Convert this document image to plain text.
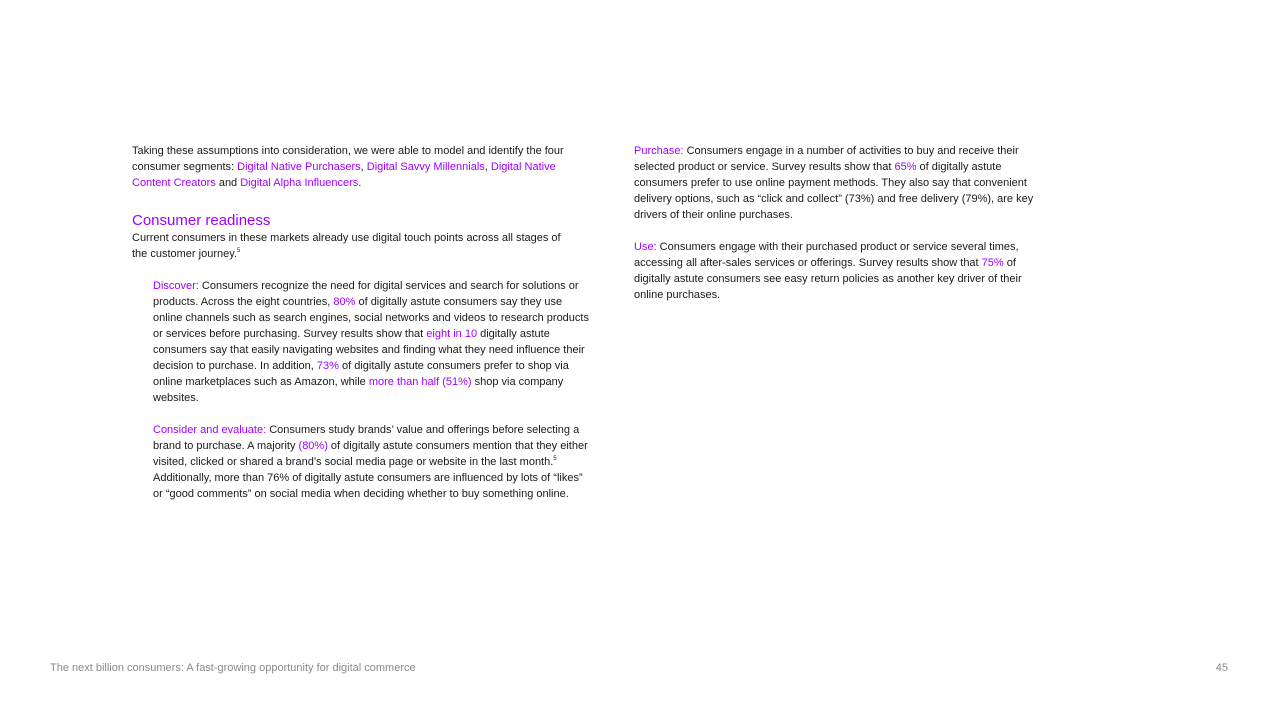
Taking these assumptions into consideration, we were able to model and identify the four consumer segments: Digital Native Purchasers, Digital Savvy Millennials, Digital Native Content Creators and Digital Alpha Influencers.

Consumer readiness

Current consumers in these markets already use digital touch points across all stages of the customer journey.$^5$

Discover: Consumers recognize the need for digital services and search for solutions or products. Across the eight countries, 80% of digitally astute consumers say they use online channels such as search engines, social networks and videos to research products or services before purchasing. Survey results show that eight in 10 digitally astute consumers say that easily navigating websites and finding what they need influence their decision to purchase. In addition, 73% of digitally astute consumers prefer to shop via online marketplaces such as Amazon, while more than half (51%) shop via company websites.

Consider and evaluate: Consumers study brands’ value and offerings before selecting a brand to purchase. A majority (80%) of digitally astute consumers mention that they either visited, clicked or shared a brand’s social media page or website in the last month.$^5$ Additionally, more than 76% of digitally astute consumers are influenced by lots of “likes” or “good comments” on social media when deciding whether to buy something online.

Purchase: Consumers engage in a number of activities to buy and receive their selected product or service. Survey results show that 65% of digitally astute consumers prefer to use online payment methods. They also say that convenient delivery options, such as “click and collect” (73%) and free delivery (79%), are key drivers of their online purchases.

Use: Consumers engage with their purchased product or service several times, accessing all after-sales services or offerings. Survey results show that 75% of digitally astute consumers see easy return policies as another key driver of their online purchases.

The next billion consumers: A fast-growing opportunity for digital commerce	45
